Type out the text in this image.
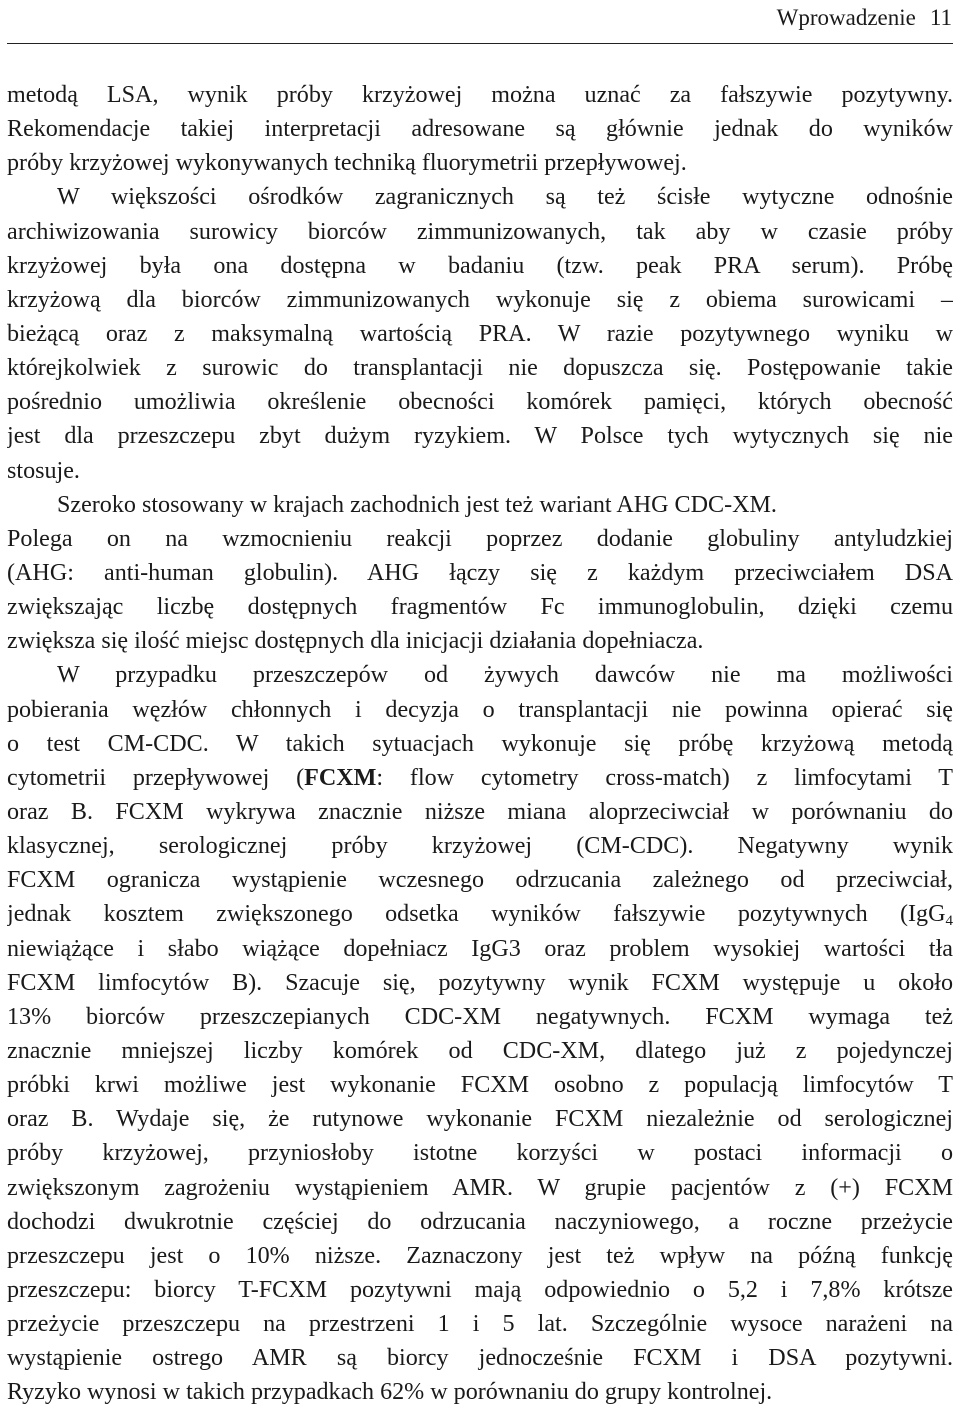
Wprowadzenie 11
metodą LSA, wynik próby krzyżowej można uznać za fałszywie pozytywny.
Rekomendacje takiej interpretacji adresowane są głównie jednak do wyników
próby krzyżowej wykonywanych techniką fluorymetrii przepływowej.
W większości ośrodków zagranicznych są też ścisłe wytyczne odnośnie
archiwizowania surowicy biorców zimmunizowanych, tak aby w czasie próby
krzyżowej była ona dostępna w badaniu (tzw. peak PRA serum). Próbę
krzyżową dla biorców zimmunizowanych wykonuje się z obiema surowicami –
bieżącą oraz z maksymalną wartością PRA. W razie pozytywnego wyniku w
którejkolwiek z surowic do transplantacji nie dopuszcza się. Postępowanie takie
pośrednio umożliwia określenie obecności komórek pamięci, których obecność
jest dla przeszczepu zbyt dużym ryzykiem. W Polsce tych wytycznych się nie
stosuje.
Szeroko stosowany w krajach zachodnich jest też wariant AHG CDC-XM.
Polega on na wzmocnieniu reakcji poprzez dodanie globuliny antyludzkiej
(AHG: anti-human globulin). AHG łączy się z każdym przeciwciałem DSA
zwiększając liczbę dostępnych fragmentów Fc immunoglobulin, dzięki czemu
zwiększa się ilość miejsc dostępnych dla inicjacji działania dopełniacza.
W przypadku przeszczepów od żywych dawców nie ma możliwości
pobierania węzłów chłonnych i decyzja o transplantacji nie powinna opierać się
o test CM-CDC. W takich sytuacjach wykonuje się próbę krzyżową metodą
cytometrii przepływowej (FCXM: flow cytometry cross-match) z limfocytami T
oraz B. FCXM wykrywa znacznie niższe miana aloprzeciwciał w porównaniu do
klasycznej, serologicznej próby krzyżowej (CM-CDC). Negatywny wynik
FCXM ogranicza wystąpienie wczesnego odrzucania zależnego od przeciwciał,
jednak kosztem zwiększonego odsetka wyników fałszywie pozytywnych (IgG$_4$
niewiążące i słabo wiążące dopełniacz IgG3 oraz problem wysokiej wartości tła
FCXM limfocytów B). Szacuje się, pozytywny wynik FCXM występuje u około
13% biorców przeszczepianych CDC-XM negatywnych. FCXM wymaga też
znacznie mniejszej liczby komórek od CDC-XM, dlatego już z pojedynczej
próbki krwi możliwe jest wykonanie FCXM osobno z populacją limfocytów T
oraz B. Wydaje się, że rutynowe wykonanie FCXM niezależnie od serologicznej
próby krzyżowej, przyniosłoby istotne korzyści w postaci informacji o
zwiększonym zagrożeniu wystąpieniem AMR. W grupie pacjentów z (+) FCXM
dochodzi dwukrotnie częściej do odrzucania naczyniowego, a roczne przeżycie
przeszczepu jest o 10% niższe. Zaznaczony jest też wpływ na późną funkcję
przeszczepu: biorcy T-FCXM pozytywni mają odpowiednio o 5,2 i 7,8% krótsze
przeżycie przeszczepu na przestrzeni 1 i 5 lat. Szczególnie wysoce narażeni na
wystąpienie ostrego AMR są biorcy jednocześnie FCXM i DSA pozytywni.
Ryzyko wynosi w takich przypadkach 62% w porównaniu do grupy kontrolnej.
